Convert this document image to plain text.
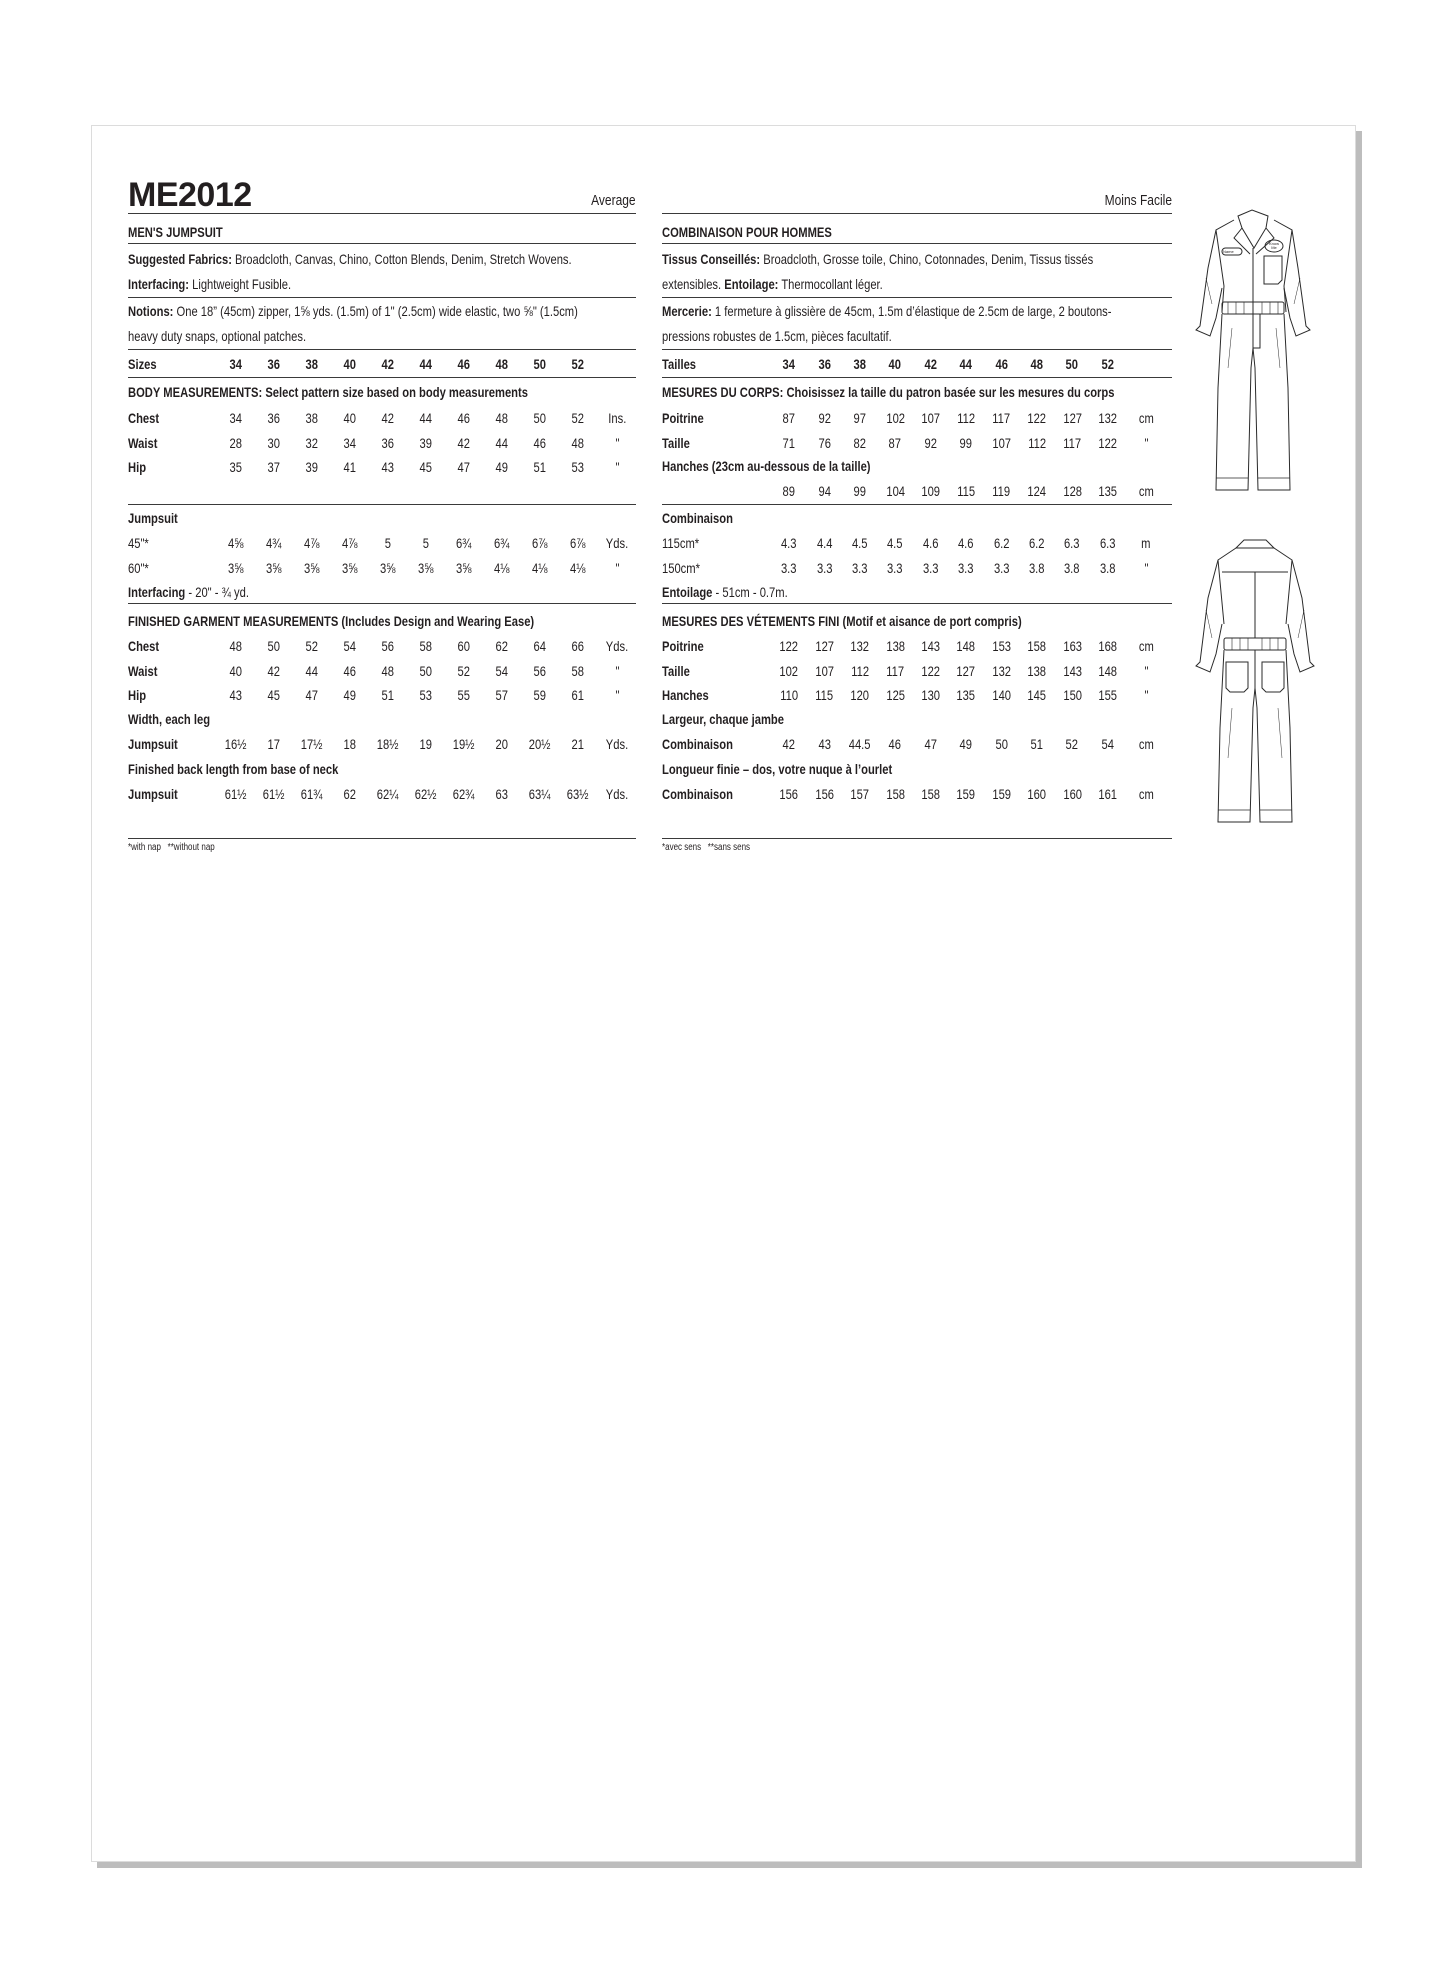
ME2012	Average
MEN'S JUMPSUIT
Suggested Fabrics: Broadcloth, Canvas, Chino, Cotton Blends, Denim, Stretch Wovens.
Interfacing: Lightweight Fusible.
Notions: One 18” (45cm) zipper, 1⅝ yds. (1.5m) of 1" (2.5cm) wide elastic, two ⅝" (1.5cm)
heavy duty snaps, optional patches.
Sizes	34	36	38	40	42	44	46	48	50	52
BODY MEASUREMENTS: Select pattern size based on body measurements
Chest	34	36	38	40	42	44	46	48	50	52	Ins.
Waist	28	30	32	34	36	39	42	44	46	48	"
Hip	35	37	39	41	43	45	47	49	51	53	"
Jumpsuit
45"*	4⅝	4¾	4⅞	4⅞	5	5	6¾	6¾	6⅞	6⅞	Yds.
60"*	3⅝	3⅝	3⅝	3⅝	3⅝	3⅝	3⅝	4⅛	4⅛	4⅛	"
Interfacing - 20" - ¾ yd.
FINISHED GARMENT MEASUREMENTS (Includes Design and Wearing Ease)
Chest	48	50	52	54	56	58	60	62	64	66	Yds.
Waist	40	42	44	46	48	50	52	54	56	58	"
Hip	43	45	47	49	51	53	55	57	59	61	"
Width, each leg
Jumpsuit	16½	17	17½	18	18½	19	19½	20	20½	21	Yds.
Finished back length from base of neck
Jumpsuit	61½	61½	61¾	62	62¼	62½	62¾	63	63¼	63½	Yds.
*with nap   **without nap
Moins Facile
COMBINAISON POUR HOMMES
Tissus Conseillés: Broadcloth, Grosse toile, Chino, Cotonnades, Denim, Tissus tissés
extensibles. Entoilage: Thermocollant léger.
Mercerie: 1 fermeture à glissière de 45cm, 1.5m d’élastique de 2.5cm de large, 2 boutons-
pressions robustes de 1.5cm, pièces facultatif.
Tailles	34	36	38	40	42	44	46	48	50	52
MESURES DU CORPS: Choisissez la taille du patron basée sur les mesures du corps
Poitrine	87	92	97	102	107	112	117	122	127	132	cm
Taille	71	76	82	87	92	99	107	112	117	122	"
Hanches (23cm au-dessous de la taille)
89	94	99	104	109	115	119	124	128	135	cm
Combinaison
115cm*	4.3	4.4	4.5	4.5	4.6	4.6	6.2	6.2	6.3	6.3	m
150cm*	3.3	3.3	3.3	3.3	3.3	3.3	3.3	3.8	3.8	3.8	"
Entoilage - 51cm - 0.7m.
MESURES DES VÉTEMENTS FINI (Motif et aisance de port compris)
Poitrine	122	127	132	138	143	148	153	158	163	168	cm
Taille	102	107	112	117	122	127	132	138	143	148	"
Hanches	110	115	120	125	130	135	140	145	150	155	"
Largeur, chaque jambe
Combinaison	42	43	44.5	46	47	49	50	51	52	54	cm
Longueur finie – dos, votre nuque à l’ourlet
Combinaison	156	156	157	158	158	159	159	160	160	161	cm
*avec sens   **sans sens
Name
Know Me
